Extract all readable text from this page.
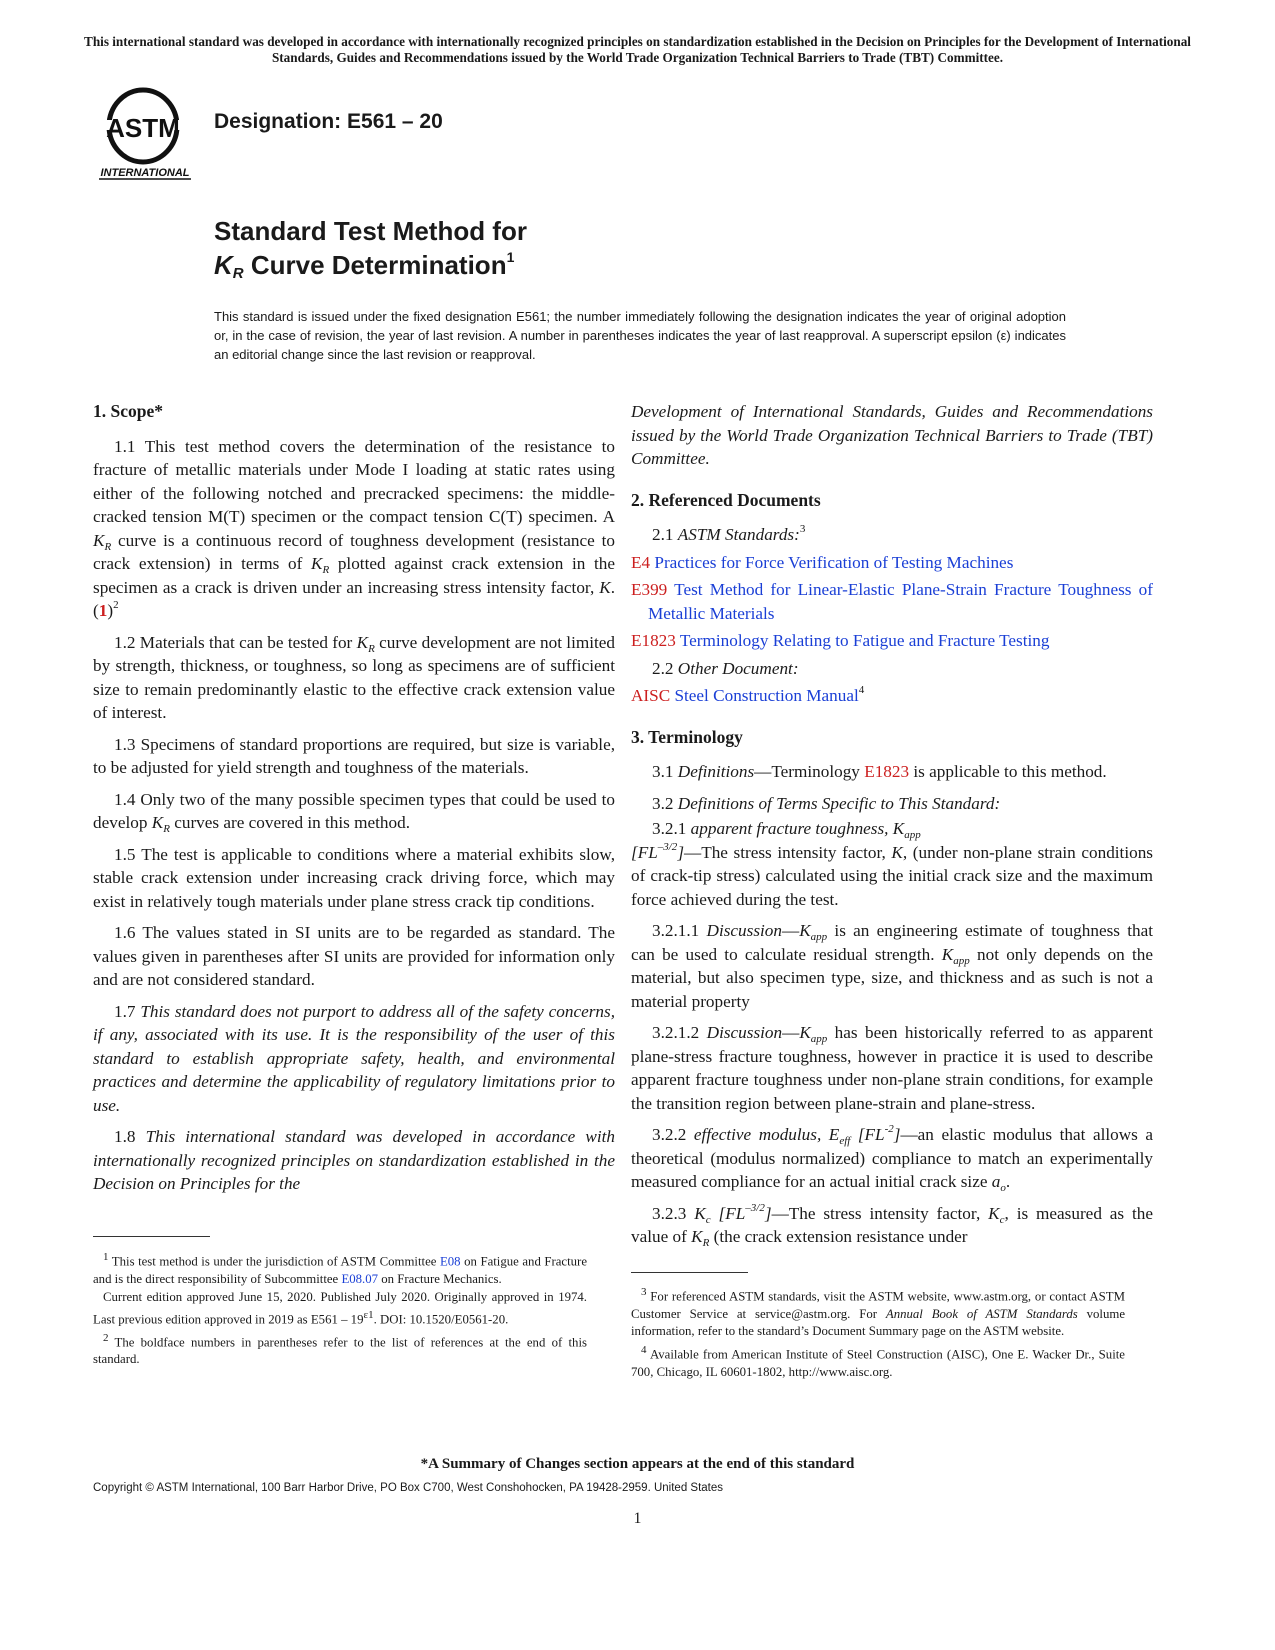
This international standard was developed in accordance with internationally recognized principles on standardization established in the Decision on Principles for the Development of International Standards, Guides and Recommendations issued by the World Trade Organization Technical Barriers to Trade (TBT) Committee.
ASTM
INTERNATIONAL
Designation: E561 – 20
Standard Test Method for
$K_R$ Curve Determination$^1$
This standard is issued under the fixed designation E561; the number immediately following the designation indicates the year of original adoption or, in the case of revision, the year of last revision. A number in parentheses indicates the year of last reapproval. A superscript epsilon (ε) indicates an editorial change since the last revision or reapproval.
1. Scope*

1.1 This test method covers the determination of the resistance to fracture of metallic materials under Mode I loading at static rates using either of the following notched and precracked specimens: the middle-cracked tension M(T) specimen or the compact tension C(T) specimen. A $K_R$ curve is a continuous record of toughness development (resistance to crack extension) in terms of $K_R$ plotted against crack extension in the specimen as a crack is driven under an increasing stress intensity factor, K. $(1)^2$

1.2 Materials that can be tested for $K_R$ curve development are not limited by strength, thickness, or toughness, so long as specimens are of sufficient size to remain predominantly elastic to the effective crack extension value of interest.

1.3 Specimens of standard proportions are required, but size is variable, to be adjusted for yield strength and toughness of the materials.

1.4 Only two of the many possible specimen types that could be used to develop $K_R$ curves are covered in this method.

1.5 The test is applicable to conditions where a material exhibits slow, stable crack extension under increasing crack driving force, which may exist in relatively tough materials under plane stress crack tip conditions.

1.6 The values stated in SI units are to be regarded as standard. The values given in parentheses after SI units are provided for information only and are not considered standard.

1.7 This standard does not purport to address all of the safety concerns, if any, associated with its use. It is the responsibility of the user of this standard to establish appropriate safety, health, and environmental practices and determine the applicability of regulatory limitations prior to use.

1.8 This international standard was developed in accordance with internationally recognized principles on standardization established in the Decision on Principles for the

Development of International Standards, Guides and Recommendations issued by the World Trade Organization Technical Barriers to Trade (TBT) Committee.

2. Referenced Documents
2.1 ASTM Standards:$^3$
E4 Practices for Force Verification of Testing Machines
E399 Test Method for Linear-Elastic Plane-Strain Fracture Toughness of Metallic Materials
E1823 Terminology Relating to Fatigue and Fracture Testing
2.2 Other Document:
AISC Steel Construction Manual$^4$
3. Terminology

3.1 Definitions—Terminology E1823 is applicable to this method.

3.2 Definitions of Terms Specific to This Standard:

3.2.1 apparent fracture toughness, $K_{app}$
$[FL^{-3/2}]—The$ stress intensity factor, K, (under non-plane strain conditions of crack-tip stress) calculated using the initial crack size and the maximum force achieved during the test.

3.2.1.1 $Discussion—K_{app}$ is an engineering estimate of toughness that can be used to calculate residual strength. $K_{app}$ not only depends on the material, but also specimen type, size, and thickness and as such is not a material property

3.2.1.2 $Discussion—K_{app}$ has been historically referred to as apparent plane-stress fracture toughness, however in practice it is used to describe apparent fracture toughness under non-plane strain conditions, for example the transition region between plane-strain and plane-stress.

3.2.2 effective modulus, $E_{eff}$ $[FL^{-2}]—an$ elastic modulus that allows a theoretical (modulus normalized) compliance to match an experimentally measured compliance for an actual initial crack size $a_o$.

3.2.3 $K_c$ $[FL^{-3/2}]—The$ stress intensity factor, $K_c$, is measured as the value of $K_R$ (the crack extension resistance under

$^1$ This test method is under the jurisdiction of ASTM Committee E08 on Fatigue and Fracture and is the direct responsibility of Subcommittee E08.07 on Fracture Mechanics.

Current edition approved June 15, 2020. Published July 2020. Originally approved in 1974. Last previous edition approved in 2019 as $E561 - 19^{\varepsilon 1}$. DOI: 10.1520/E0561-20.

$^2$ The boldface numbers in parentheses refer to the list of references at the end of this standard.

$^3$ For referenced ASTM standards, visit the ASTM website, www.astm.org, or contact ASTM Customer Service at service@astm.org. For Annual Book of ASTM Standards volume information, refer to the standard’s Document Summary page on the ASTM website.

$^4$ Available from American Institute of Steel Construction (AISC), One E. Wacker Dr., Suite 700, Chicago, IL 60601-1802, http://www.aisc.org.

*A Summary of Changes section appears at the end of this standard
Copyright © ASTM International, 100 Barr Harbor Drive, PO Box C700, West Conshohocken, PA 19428-2959. United States
1
